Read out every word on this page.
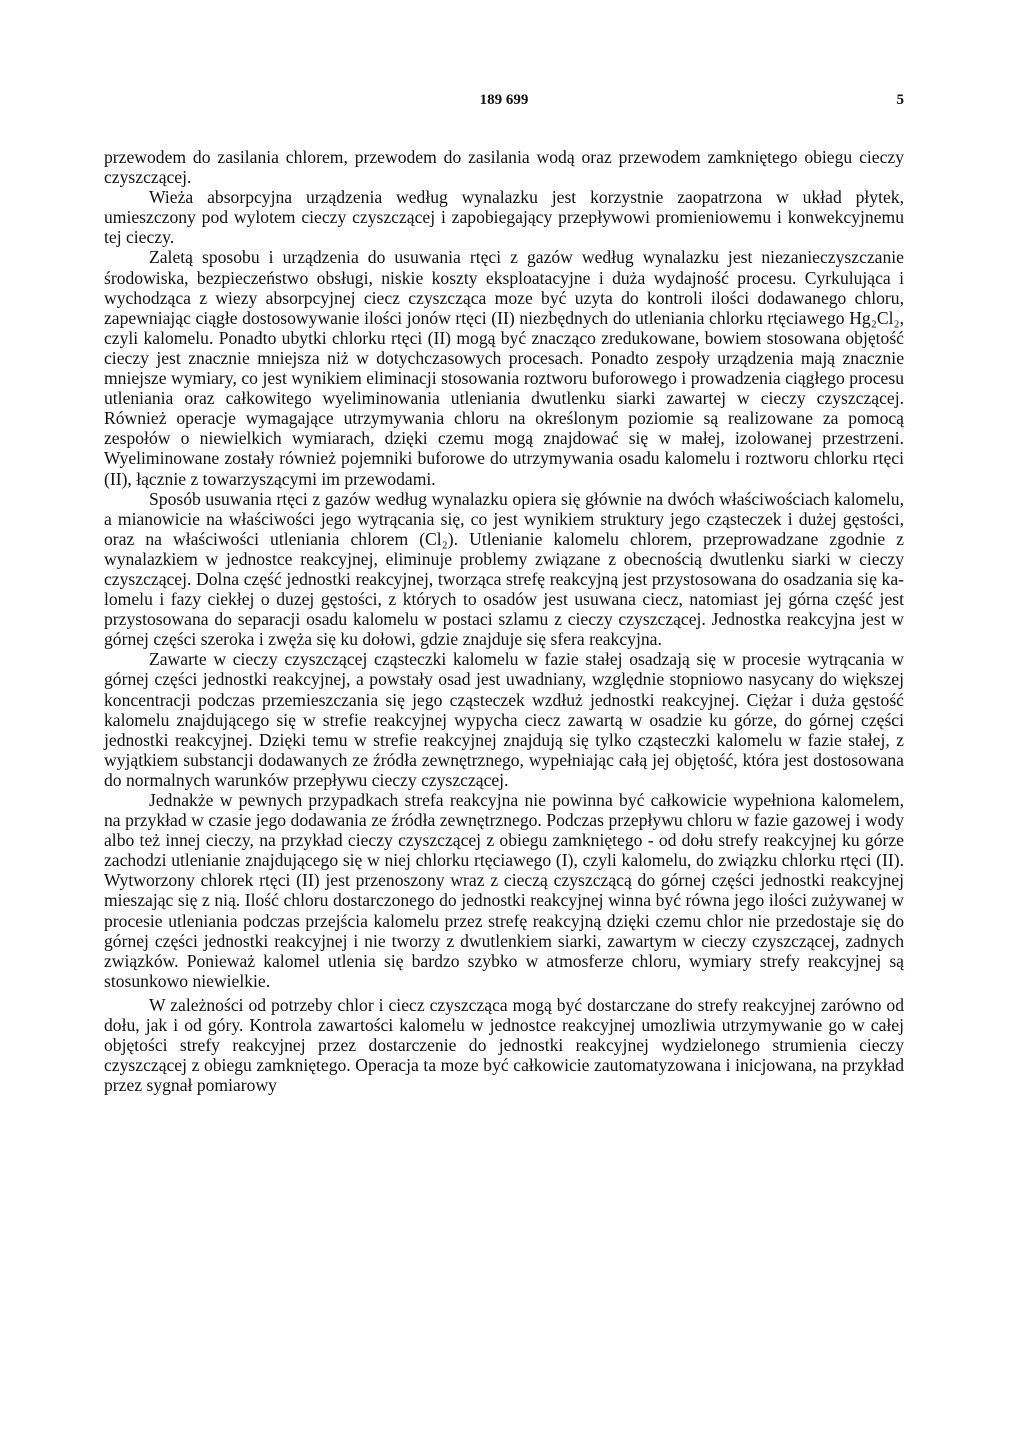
189 699	5

przewodem do zasilania chlorem, przewodem do zasilania wodą oraz przewodem zamkniętego obiegu cieczy czyszczącej.

Wieża absorpcyjna urządzenia według wynalazku jest korzystnie zaopatrzona w układ płytek, umieszczony pod wylotem cieczy czyszczącej i zapobiegający przepływowi promieniowemu i konwekcyjnemu tej cieczy.

Zaletą sposobu i urządzenia do usuwania rtęci z gazów według wynalazku jest niezanieczyszczanie środowiska, bezpieczeństwo obsługi, niskie koszty eksploatacyjne i duża wydajność procesu. Cyrkulująca i wychodząca z wiezy absorpcyjnej ciecz czyszcząca moze być uzyta do kontroli ilości dodawanego chloru, zapewniając ciągłe dostosowywanie ilości jonów rtęci (II) niezbędnych do utleniania chlorku rtęciawego Hg₂Cl₂, czyli kalomelu. Ponadto ubytki chlorku rtęci (II) mogą być znacząco zredukowane, bowiem stosowana objętość cieczy jest znacznie mniejsza niż w dotychczasowych procesach. Ponadto zespoły urządzenia mają znacznie mniejsze wymiary, co jest wynikiem eliminacji stosowania roztworu buforowego i prowadzenia ciągłego procesu utleniania oraz całkowitego wyeliminowania utleniania dwutlenku siarki zawartej w cieczy czyszczącej. Również operacje wymagające utrzymywania chloru na określonym poziomie są realizowane za pomocą zespołów o niewielkich wymiarach, dzięki czemu mogą znajdować się w małej, izolowanej przestrzeni. Wyeliminowane zostały również pojemniki buforowe do utrzymywania osadu kalomelu i roztworu chlorku rtęci (II), łącznie z towarzyszącymi im przewodami.

Sposób usuwania rtęci z gazów według wynalazku opiera się głównie na dwóch właściwościach kalomelu, a mianowicie na właściwości jego wytrącania się, co jest wynikiem struktury jego cząsteczek i dużej gęstości, oraz na właściwości utleniania chlorem (Cl₂). Utlenianie kalomelu chlorem, przeprowadzane zgodnie z wynalazkiem w jednostce reakcyjnej, eliminuje problemy związane z obecnością dwutlenku siarki w cieczy czyszczącej. Dolna część jednostki reakcyjnej, tworząca strefę reakcyjną jest przystosowana do osadzania się kalomelu i fazy ciekłej o duzej gęstości, z których to osadów jest usuwana ciecz, natomiast jej górna część jest przystosowana do separacji osadu kalomelu w postaci szlamu z cieczy czyszczącej. Jednostka reakcyjna jest w górnej części szeroka i zwęża się ku dołowi, gdzie znajduje się sfera reakcyjna.

Zawarte w cieczy czyszczącej cząsteczki kalomelu w fazie stałej osadzają się w procesie wytrącania w górnej części jednostki reakcyjnej, a powstały osad jest uwadniany, względnie stopniowo nasycany do większej koncentracji podczas przemieszczania się jego cząsteczek wzdłuż jednostki reakcyjnej. Ciężar i duża gęstość kalomelu znajdującego się w strefie reakcyjnej wypycha ciecz zawartą w osadzie ku górze, do górnej części jednostki reakcyjnej. Dzięki temu w strefie reakcyjnej znajdują się tylko cząsteczki kalomelu w fazie stałej, z wyjątkiem substancji dodawanych ze źródła zewnętrznego, wypełniając całą jej objętość, która jest dostosowana do normalnych warunków przepływu cieczy czyszczącej.

Jednakże w pewnych przypadkach strefa reakcyjna nie powinna być całkowicie wypełniona kalomelem, na przykład w czasie jego dodawania ze źródła zewnętrznego. Podczas przepływu chloru w fazie gazowej i wody albo też innej cieczy, na przykład cieczy czyszczącej z obiegu zamkniętego - od dołu strefy reakcyjnej ku górze zachodzi utlenianie znajdującego się w niej chlorku rtęciawego (I), czyli kalomelu, do związku chlorku rtęci (II). Wytworzony chlorek rtęci (II) jest przenoszony wraz z cieczą czyszczącą do górnej części jednostki reakcyjnej mieszając się z nią. Ilość chloru dostarczonego do jednostki reakcyjnej winna być równa jego ilości zużywanej w procesie utleniania podczas przejścia kalomelu przez strefę reakcyjną dzięki czemu chlor nie przedostaje się do górnej części jednostki reakcyjnej i nie tworzy z dwutlenkiem siarki, zawartym w cieczy czyszczącej, zadnych związków. Ponieważ kalomel utlenia się bardzo szybko w atmosferze chloru, wymiary strefy reakcyjnej są stosunkowo niewielkie.

W zależności od potrzeby chlor i ciecz czyszcząca mogą być dostarczane do strefy reakcyjnej zarówno od dołu, jak i od góry. Kontrola zawartości kalomelu w jednostce reakcyjnej umozliwia utrzymywanie go w całej objętości strefy reakcyjnej przez dostarczenie do jednostki reakcyjnej wydzielonego strumienia cieczy czyszczącej z obiegu zamkniętego. Operacja ta moze być całkowicie zautomatyzowana i inicjowana, na przykład przez sygnał pomiarowy
